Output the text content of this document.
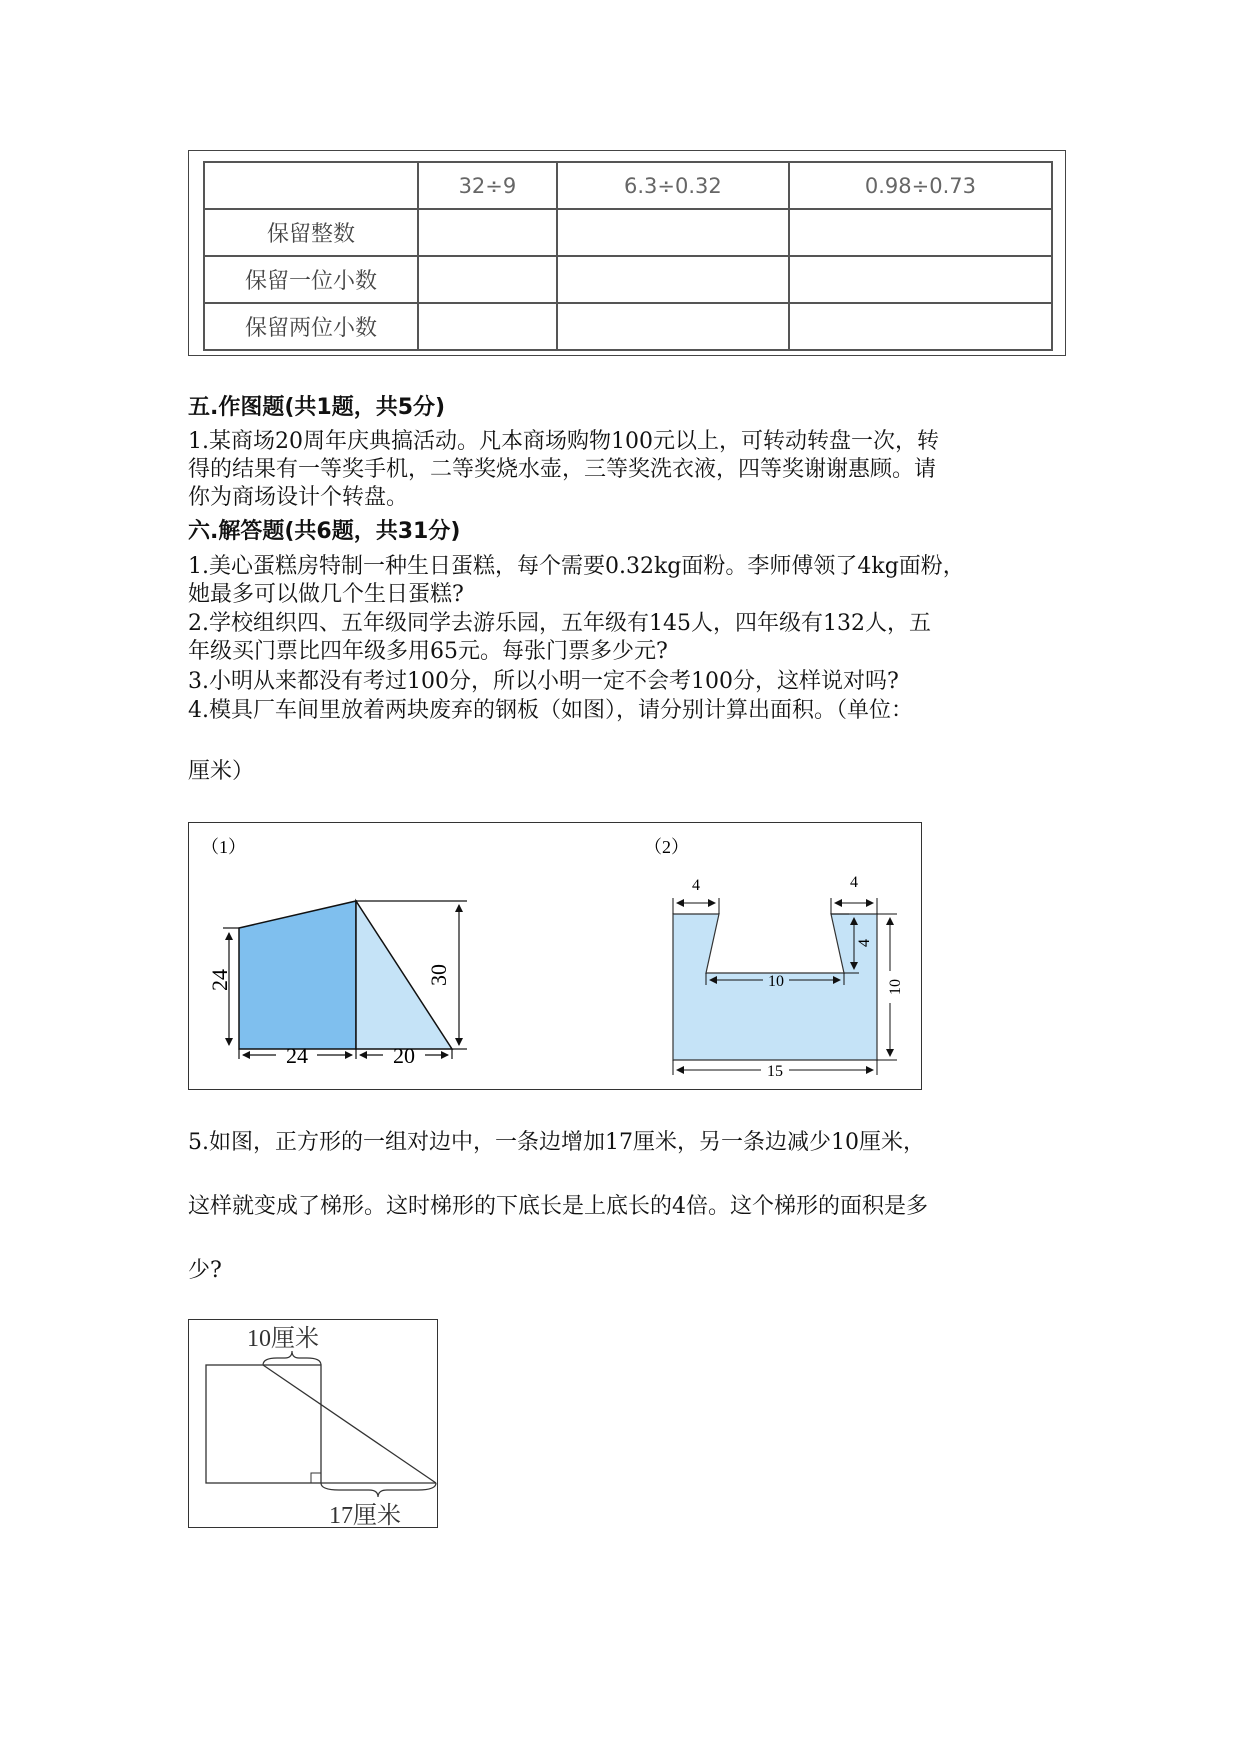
	32÷9	6.3÷0.32	0.98÷0.73
保留整数			
保留一位小数			
保留两位小数			
五.作图题(共1题，共5分)
1.某商场20周年庆典搞活动。凡本商场购物100元以上，可转动转盘一次，转
得的结果有一等奖手机，二等奖烧水壶，三等奖洗衣液，四等奖谢谢惠顾。请
你为商场设计个转盘。
六.解答题(共6题，共31分)
1.美心蛋糕房特制一种生日蛋糕，每个需要0.32kg面粉。李师傅领了4kg面粉，
她最多可以做几个生日蛋糕?
2.学校组织四、五年级同学去游乐园，五年级有145人，四年级有132人，五
年级买门票比四年级多用65元。每张门票多少元?
3.小明从来都没有考过100分，所以小明一定不会考100分，这样说对吗?
4.模具厂车间里放着两块废弃的钢板（如图），请分别计算出面积。（单位：
厘米）
（1）	（2）
24	30
24	20
4	4
4
10	10
15
5.如图，正方形的一组对边中，一条边增加17厘米，另一条边减少10厘米，
这样就变成了梯形。这时梯形的下底长是上底长的4倍。这个梯形的面积是多
少?
10厘米
17厘米
